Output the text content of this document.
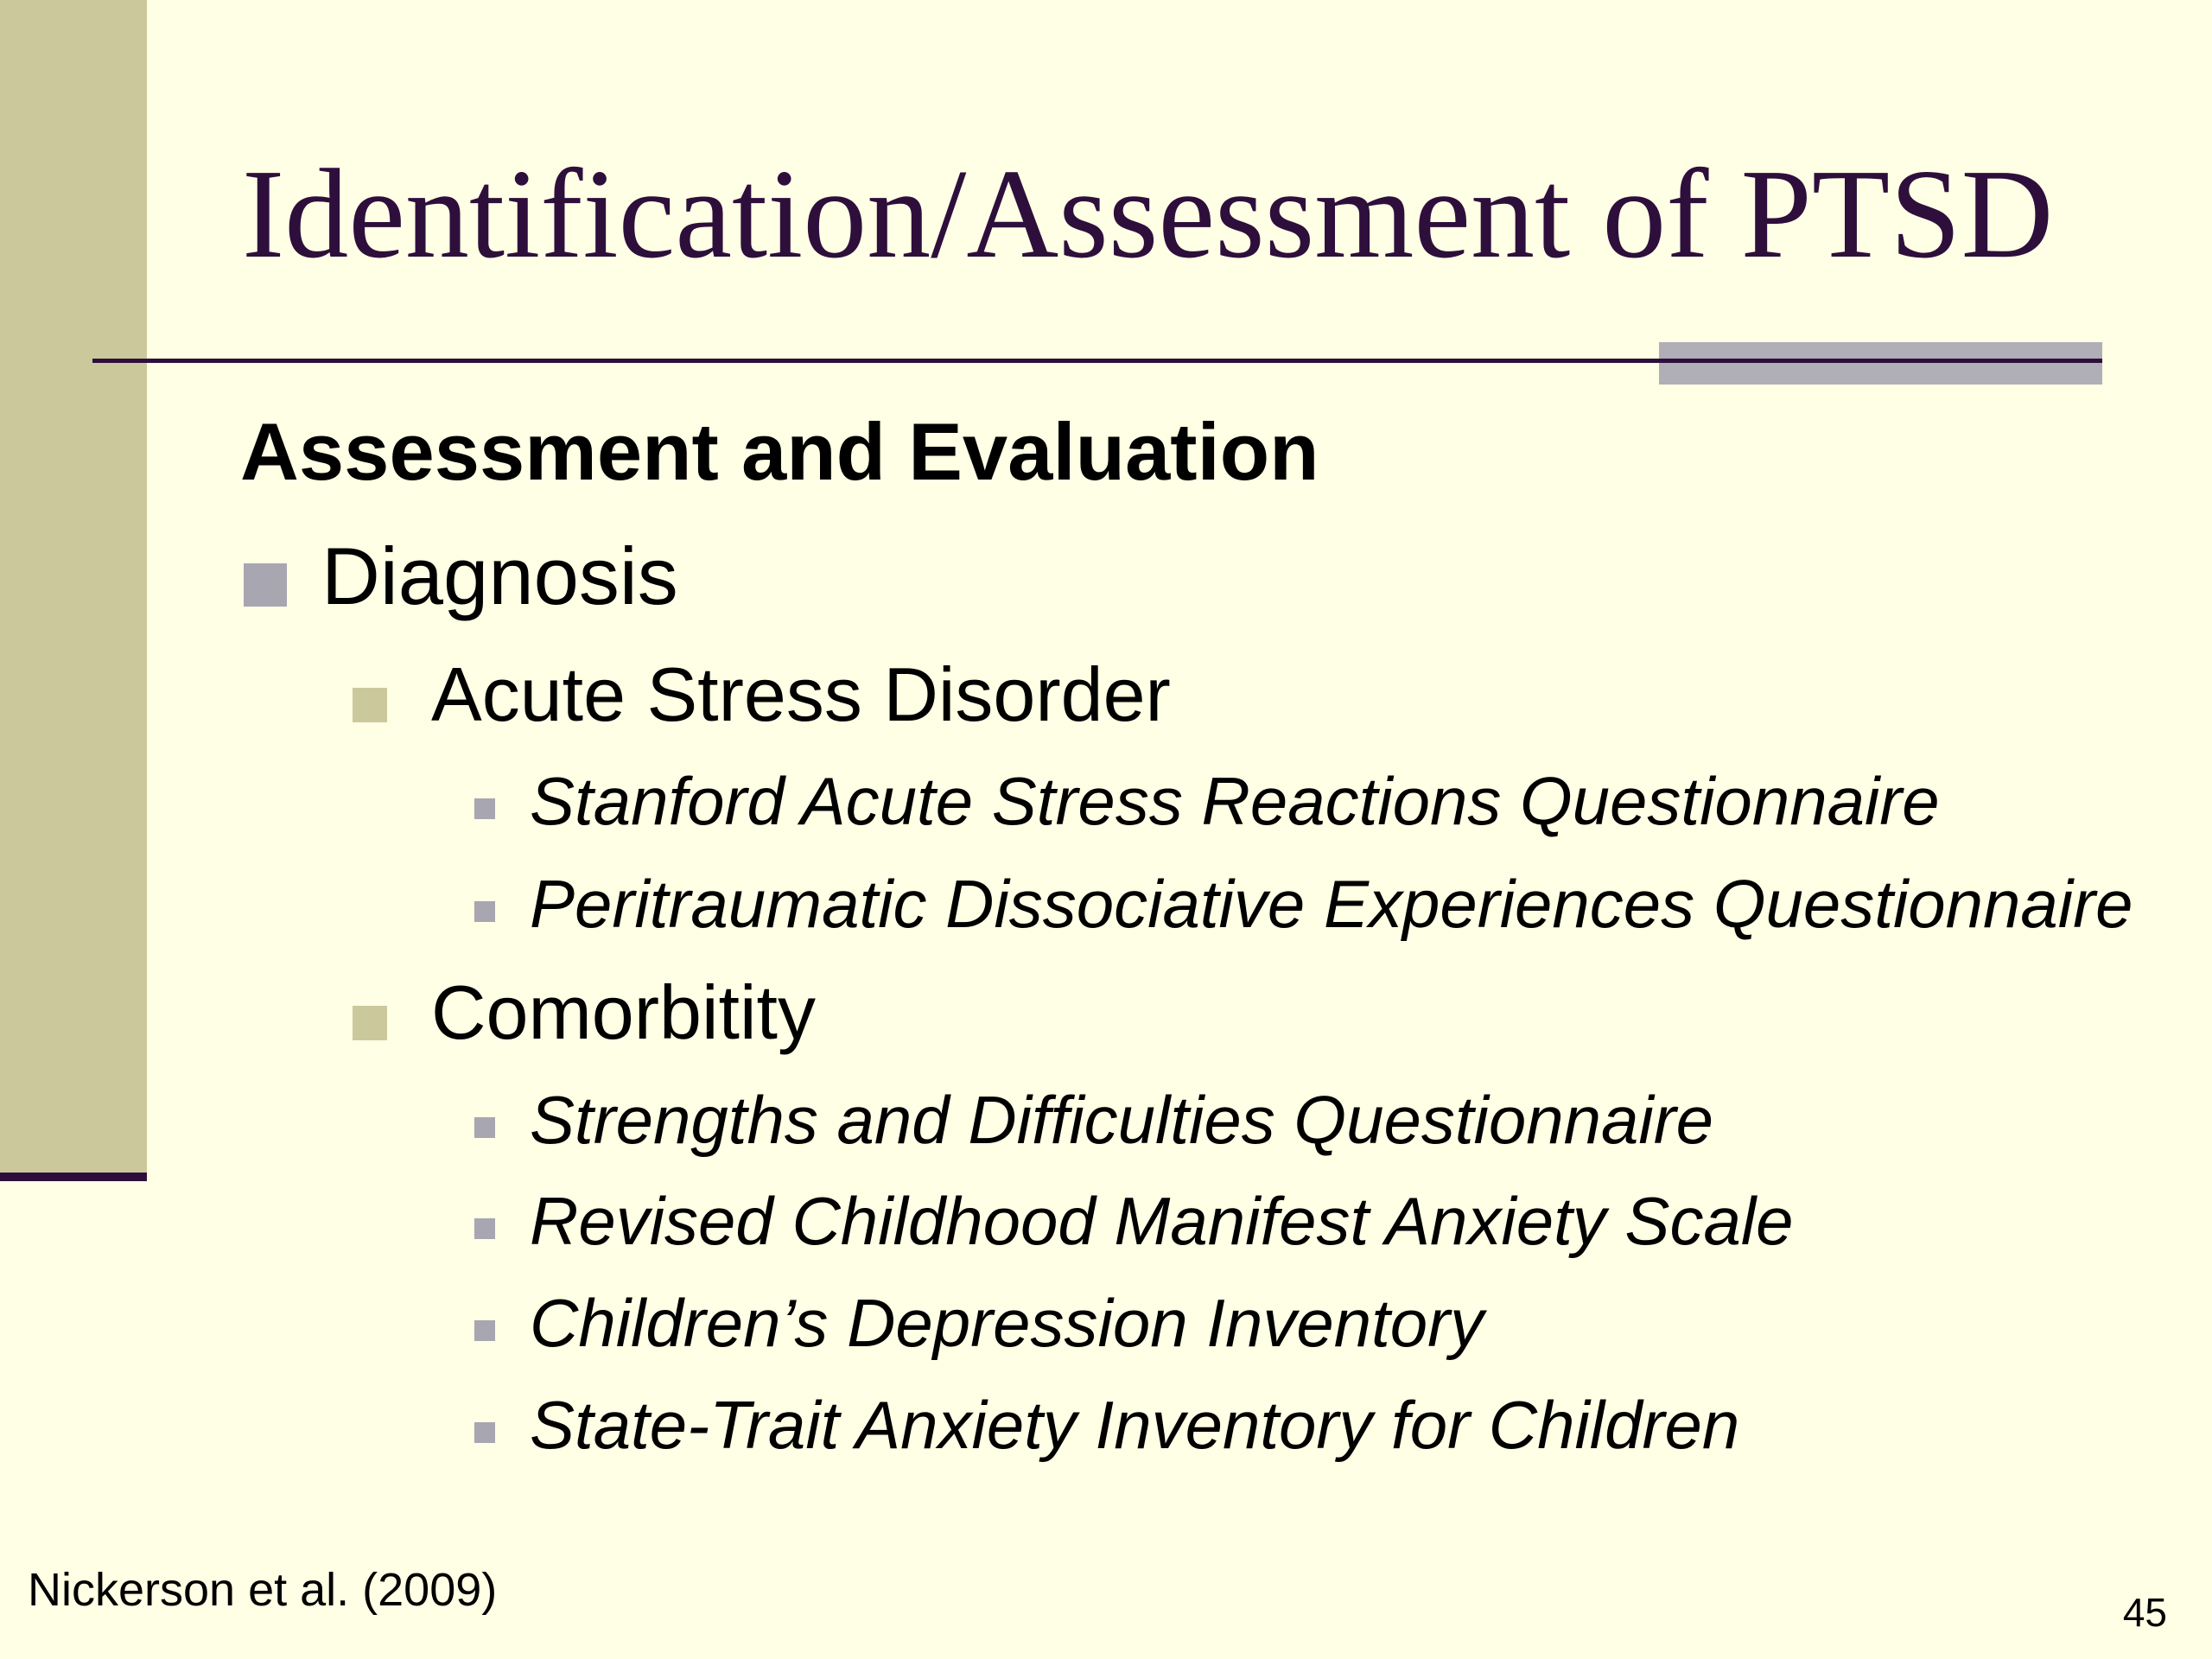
Identification/Assessment of PTSD
Assessment and Evaluation
Diagnosis
Acute Stress Disorder
Stanford Acute Stress Reactions Questionnaire
Peritraumatic Dissociative Experiences Questionnaire
Comorbitity
Strengths and Difficulties Questionnaire
Revised Childhood Manifest Anxiety Scale
Children’s Depression Inventory
State-Trait Anxiety Inventory for Children
Nickerson et al. (2009)	45
